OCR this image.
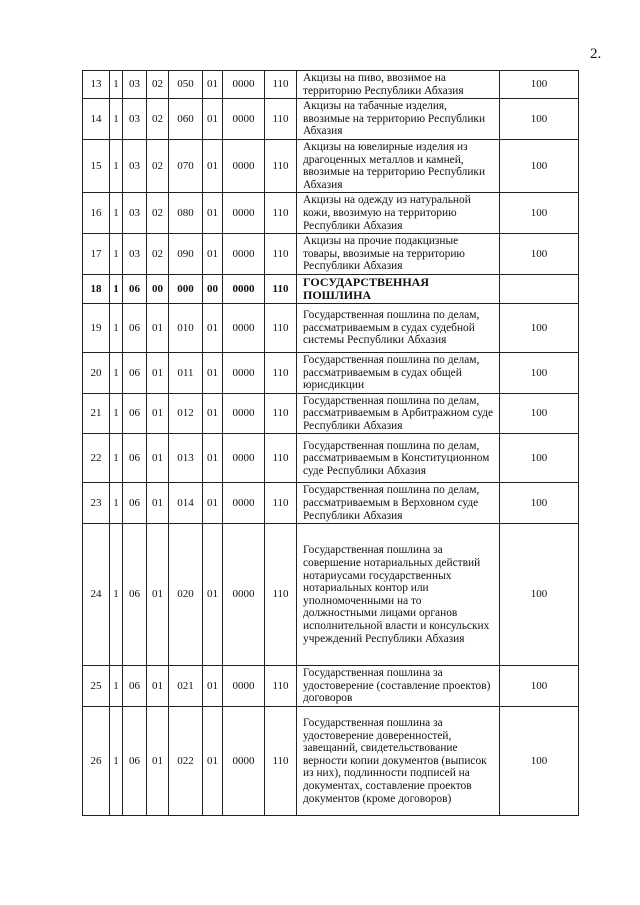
2.
13	1	03	02	050	01	0000	110	Акцизы на пиво, ввозимое на территорию Республики Абхазия	100
14	1	03	02	060	01	0000	110	Акцизы на табачные изделия, ввозимые на территорию Республики Абхазия	100
15	1	03	02	070	01	0000	110	Акцизы на ювелирные изделия из драгоценных металлов и камней, ввозимые на территорию Республики Абхазия	100
16	1	03	02	080	01	0000	110	Акцизы на одежду из натуральной кожи, ввозимую на территорию Республики Абхазия	100
17	1	03	02	090	01	0000	110	Акцизы на прочие подакцизные товары, ввозимые на территорию Республики Абхазия	100
18	1	06	00	000	00	0000	110	ГОСУДАРСТВЕННАЯ ПОШЛИНА	
19	1	06	01	010	01	0000	110	Государственная пошлина по делам, рассматриваемым в судах судебной системы Республики Абхазия	100
20	1	06	01	011	01	0000	110	Государственная пошлина по делам, рассматриваемым в судах общей юрисдикции	100
21	1	06	01	012	01	0000	110	Государственная пошлина по делам, рассматриваемым в Арбитражном суде Республики Абхазия	100
22	1	06	01	013	01	0000	110	Государственная пошлина по делам, рассматриваемым в Конституционном суде Республики Абхазия	100
23	1	06	01	014	01	0000	110	Государственная пошлина по делам, рассматриваемым в Верховном суде Республики Абхазия	100
24	1	06	01	020	01	0000	110	Государственная пошлина за совершение нотариальных действий нотариусами государственных нотариальных контор или уполномоченными на то должностными лицами органов исполнительной власти и консульских учреждений Республики Абхазия	100
25	1	06	01	021	01	0000	110	Государственная пошлина за удостоверение (составление проектов) договоров	100
26	1	06	01	022	01	0000	110	Государственная пошлина за удостоверение доверенностей, завещаний, свидетельствование верности копии документов (выписок из них), подлинности подписей на документах, составление проектов документов (кроме договоров)	100
